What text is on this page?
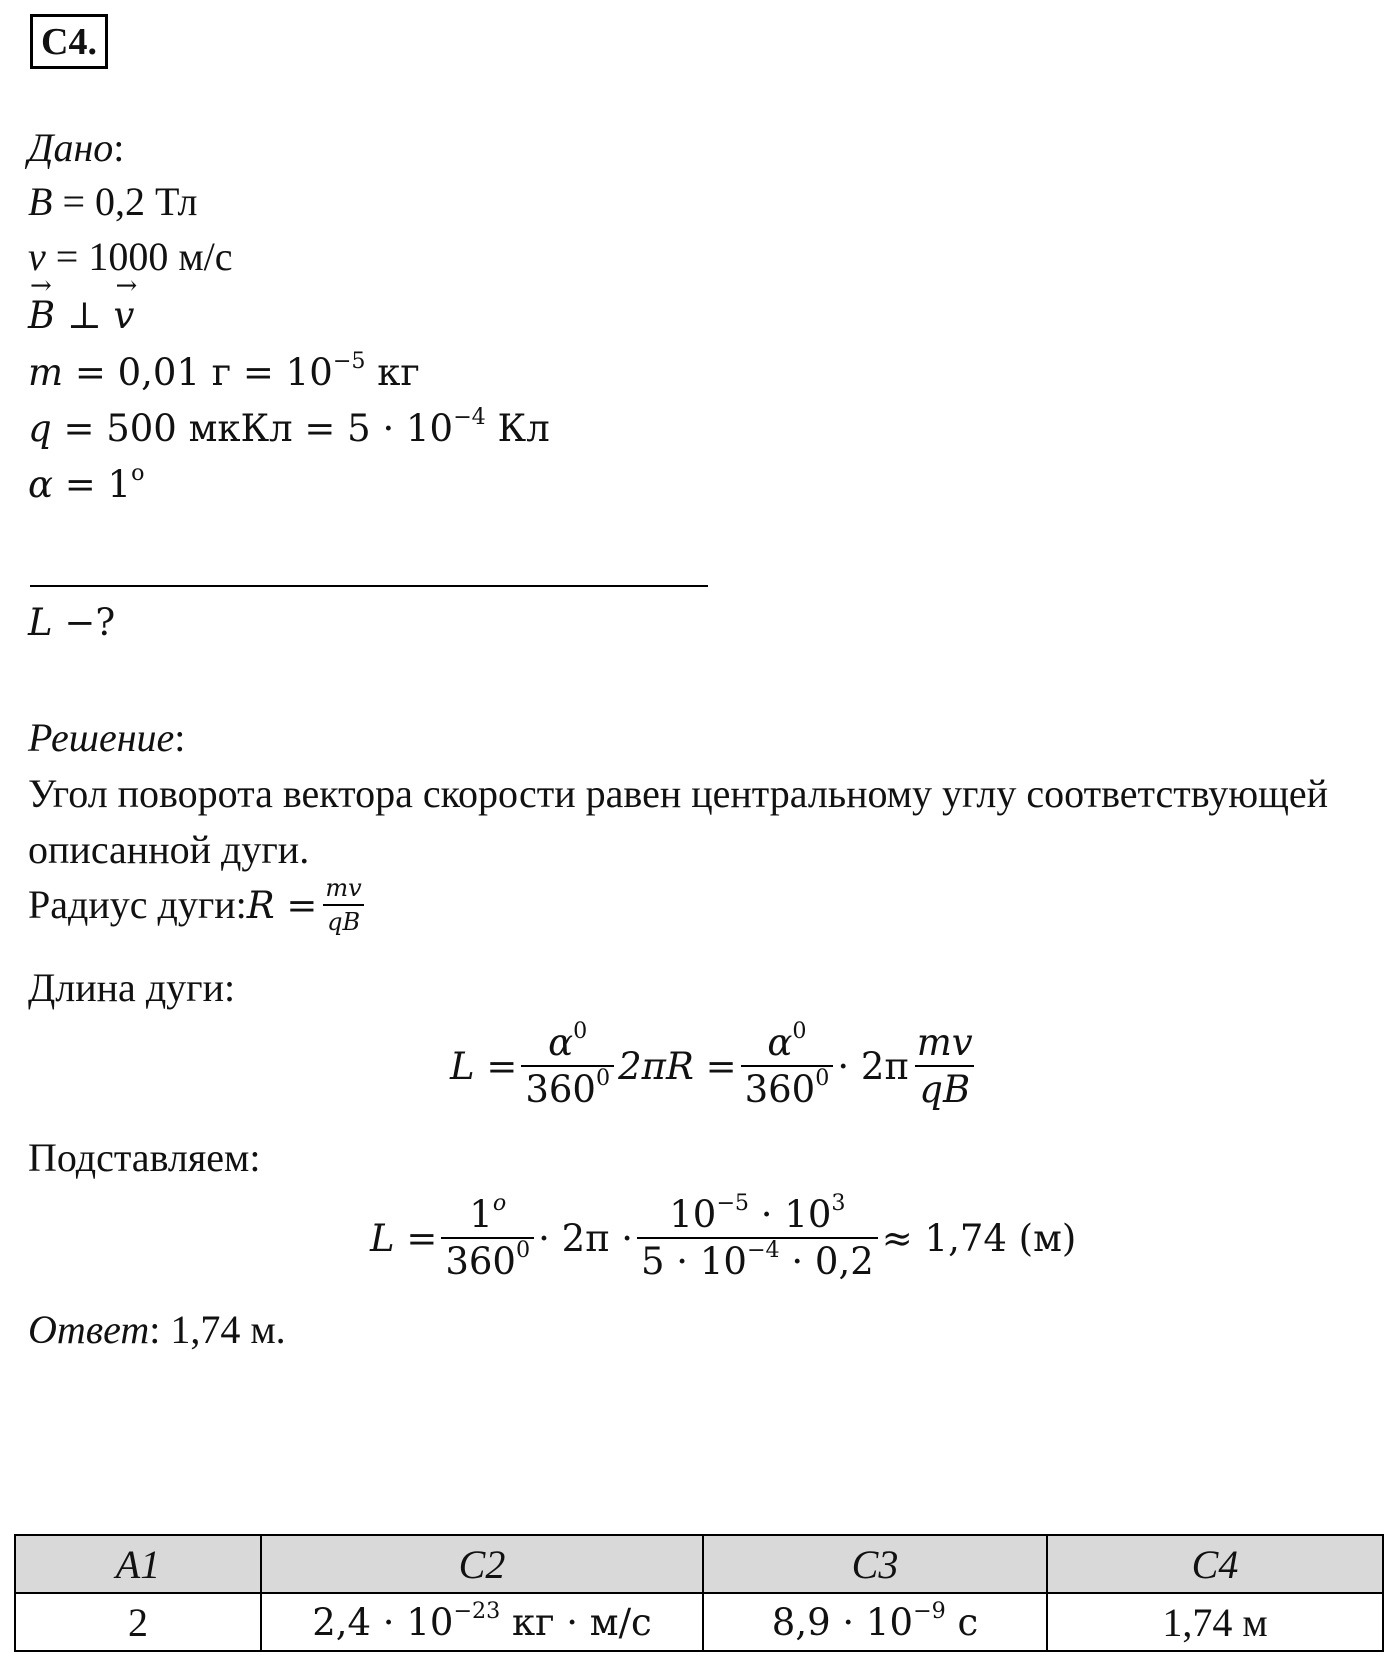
C4.
Дано:
B = 0,2 Тл
v = 1000 м/с
→ B ⊥ → v
m = 0,01 $г = 10^{-5}$ кг
q = 500 мкКл = $5 \cdot 10^{-4}$ Кл
$\alpha = 1^o$
L −?
Решение:
Угол поворота вектора скорости равен центральному углу соответствующей
описанной дуги.
Радиус дуги: $R = \frac{mv}{qB}$
Длина дуги:
$L = \frac{\alpha^0}{360^0} 2\pi R = \frac{\alpha^0}{360^0} \cdot 2\pi \frac{mv}{qB}$
Подставляем:
$L = \frac{1^o}{360^0} \cdot 2\pi \cdot \frac{10^{-5} \cdot 10^3}{5 \cdot 10^{-4} \cdot 0,2} \approx 1,74$ (м)
Ответ: 1,74 м.
A1	C2	C3	C4
2	$2,4 \cdot 10^{-23}$ кг · м/с	$8,9 \cdot 10^{-9}$ с	1,74 м
